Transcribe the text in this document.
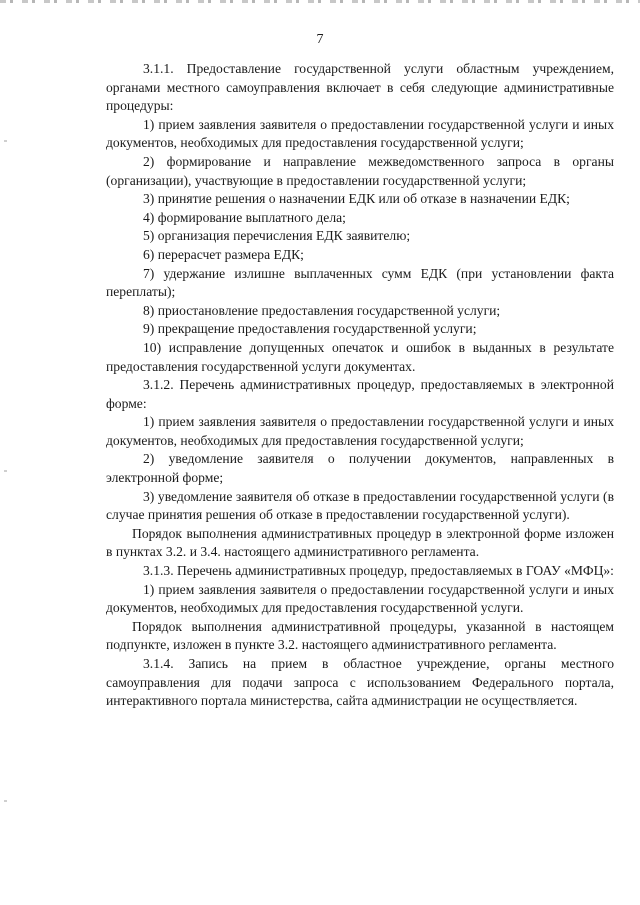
7

3.1.1. Предоставление государственной услуги областным учреждением, органами местного самоуправления включает в себя следующие административные процедуры:

1) прием заявления заявителя о предоставлении государственной услуги и иных документов, необходимых для предоставления государственной услуги;

2) формирование и направление межведомственного запроса в органы (организации), участвующие в предоставлении государственной услуги;

3) принятие решения о назначении ЕДК или об отказе в назначении ЕДК;

4) формирование выплатного дела;

5) организация перечисления ЕДК заявителю;

6) перерасчет размера ЕДК;

7) удержание излишне выплаченных сумм ЕДК (при установлении факта переплаты);

8) приостановление предоставления государственной услуги;

9) прекращение предоставления государственной услуги;

10) исправление допущенных опечаток и ошибок в выданных в результате предоставления государственной услуги документах.

3.1.2. Перечень административных процедур, предоставляемых в электронной форме:

1) прием заявления заявителя о предоставлении государственной услуги и иных документов, необходимых для предоставления государственной услуги;

2) уведомление заявителя о получении документов, направленных в электронной форме;

3) уведомление заявителя об отказе в предоставлении государственной услуги (в случае принятия решения об отказе в предоставлении государственной услуги).

Порядок выполнения административных процедур в электронной форме изложен в пунктах 3.2. и 3.4. настоящего административного регламента.

3.1.3. Перечень административных процедур, предоставляемых в ГОАУ «МФЦ»:

1) прием заявления заявителя о предоставлении государственной услуги и иных документов, необходимых для предоставления государственной услуги.

Порядок выполнения административной процедуры, указанной в настоящем подпункте, изложен в пункте 3.2. настоящего административного регламента.

3.1.4. Запись на прием в областное учреждение, органы местного самоуправления для подачи запроса с использованием Федерального портала, интерактивного портала министерства, сайта администрации не осуществляется.
